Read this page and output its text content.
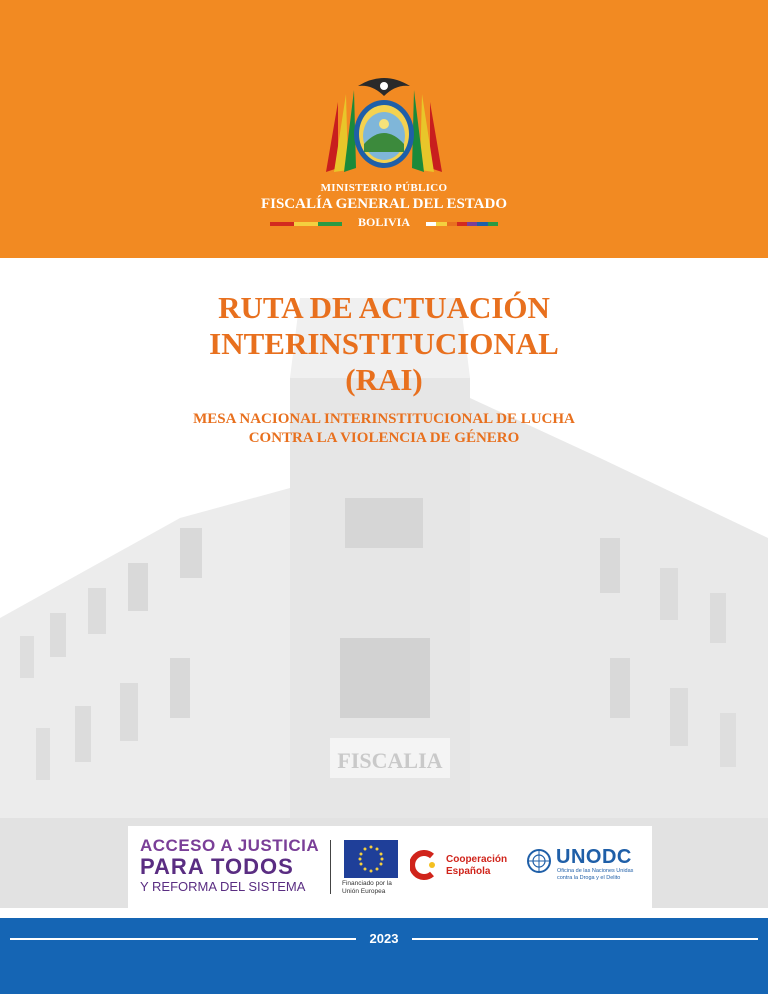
MINISTERIO PÚBLICO
FISCALÍA GENERAL DEL ESTADO
BOLIVIA
FISCALIA
RUTA DE ACTUACIÓN
INTERINSTITUCIONAL
(RAI)
MESA NACIONAL INTERINSTITUCIONAL DE LUCHA
CONTRA LA VIOLENCIA DE GÉNERO
ACCESO A JUSTICIA
PARA TODOS
Y REFORMA DEL SISTEMA	Financiado por la
Unión Europea
Cooperación
Española
UNODC
Oficina de las Naciones Unidas contra la Droga y el Delito
2023
